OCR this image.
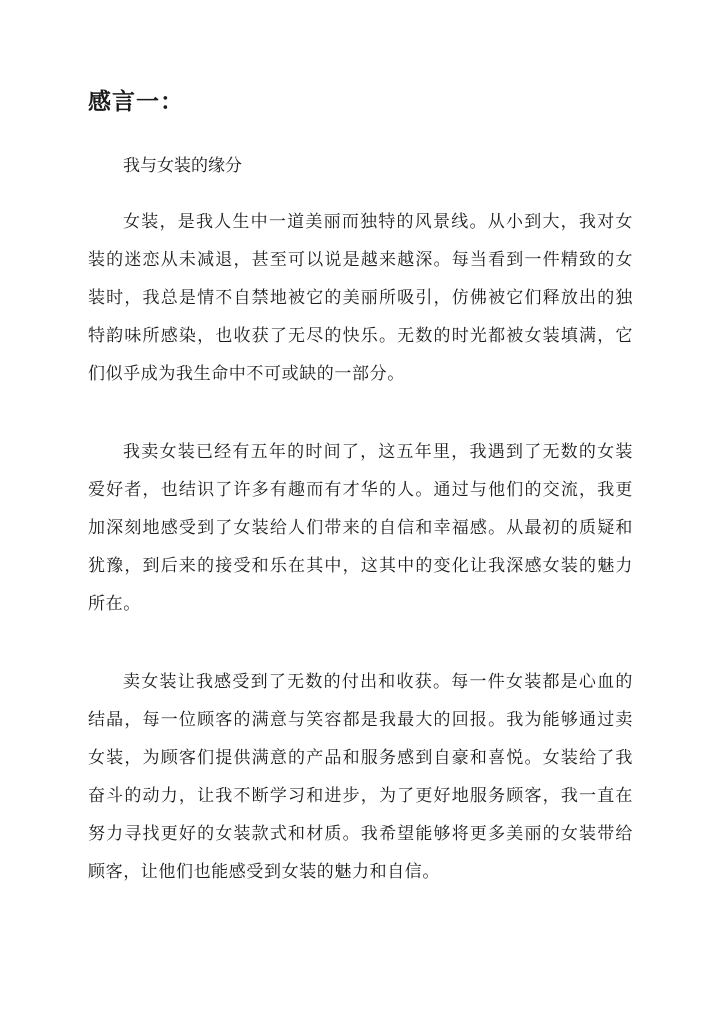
感言一：

我与女装的缘分

女装，是我人生中一道美丽而独特的风景线。从小到大，我对女装的迷恋从未减退，甚至可以说是越来越深。每当看到一件精致的女装时，我总是情不自禁地被它的美丽所吸引，仿佛被它们释放出的独特韵味所感染，也收获了无尽的快乐。无数的时光都被女装填满，它们似乎成为我生命中不可或缺的一部分。

我卖女装已经有五年的时间了，这五年里，我遇到了无数的女装爱好者，也结识了许多有趣而有才华的人。通过与他们的交流，我更加深刻地感受到了女装给人们带来的自信和幸福感。从最初的质疑和犹豫，到后来的接受和乐在其中，这其中的变化让我深感女装的魅力所在。

卖女装让我感受到了无数的付出和收获。每一件女装都是心血的结晶，每一位顾客的满意与笑容都是我最大的回报。我为能够通过卖女装，为顾客们提供满意的产品和服务感到自豪和喜悦。女装给了我奋斗的动力，让我不断学习和进步，为了更好地服务顾客，我一直在努力寻找更好的女装款式和材质。我希望能够将更多美丽的女装带给顾客，让他们也能感受到女装的魅力和自信。
